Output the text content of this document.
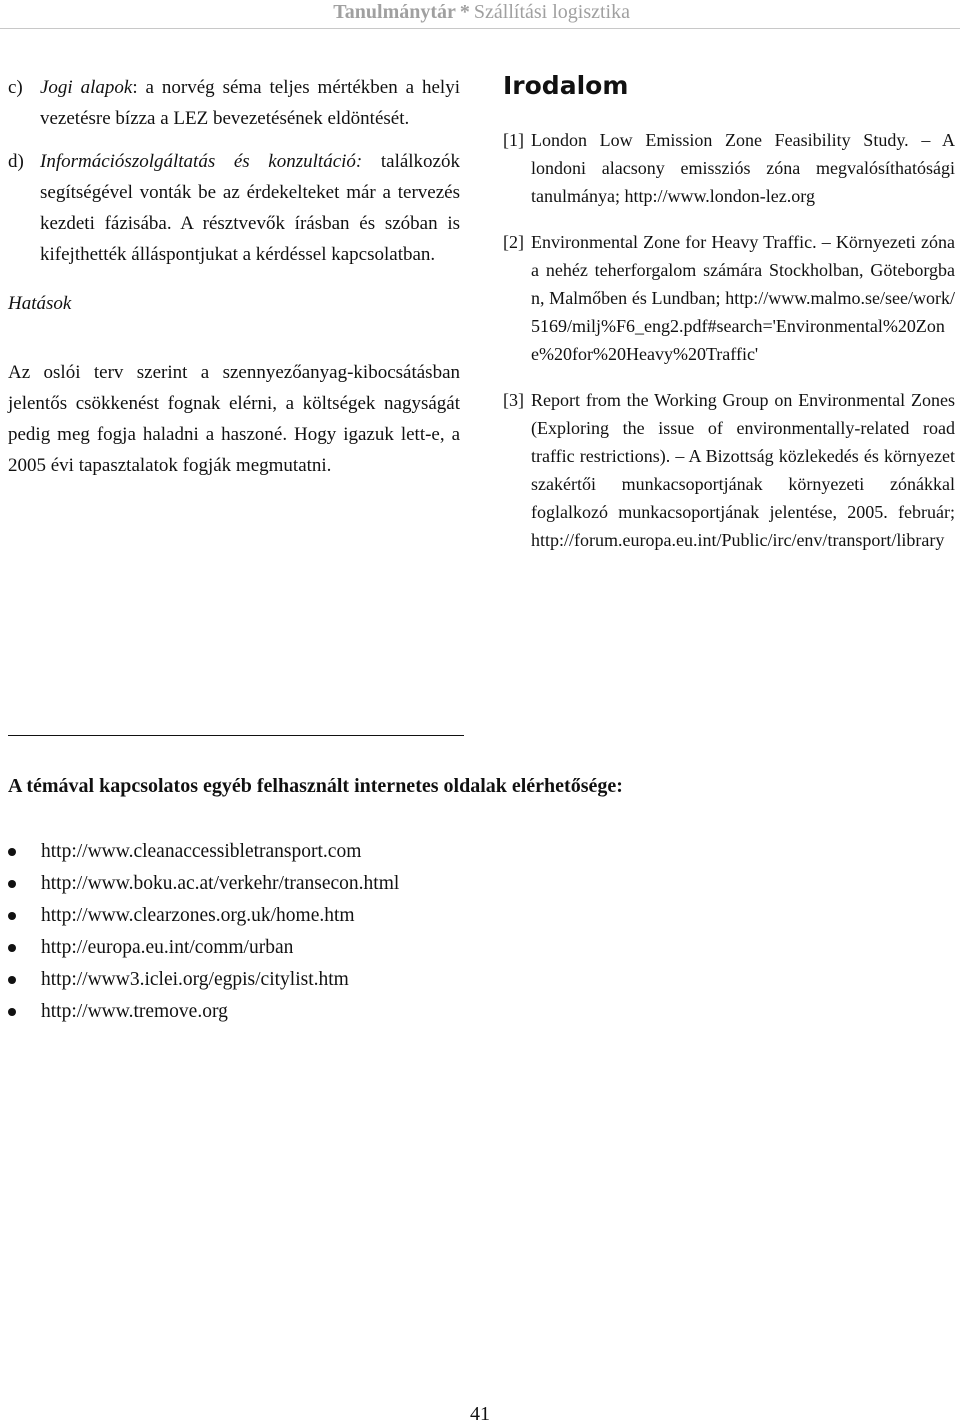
Tanulmánytár * Szállítási logisztika
c) Jogi alapok: a norvég séma teljes mértékben a helyi vezetésre bízza a LEZ bevezetésének eldöntését.
d) Információszolgáltatás és konzultáció: találkozók segítségével vonták be az érdekelteket már a tervezés kezdeti fázisába. A résztvevők írásban és szóban is kifejthették álláspontjukat a kérdéssel kapcsolatban.
Hatások
Az oslói terv szerint a szennyezőanyag-kibocsátásban jelentős csökkenést fognak elérni, a költségek nagyságát pedig meg fogja haladni a haszoné. Hogy igazuk lett-e, a 2005 évi tapasztalatok fogják megmutatni.
Irodalom
[1] London Low Emission Zone Feasibility Study. – A londoni alacsony emissziós zóna megvalósíthatósági tanulmánya; http://www.london-lez.org
[2] Environmental Zone for Heavy Traffic. – Környezeti zóna a nehéz teherforgalom számára Stockholban, Göteborgban, Malmőben és Lundban; http://www.malmo.se/see/work/5169/milj%F6_eng2.pdf#search='Environmental%20Zone%20for%20Heavy%20Traffic'
[3] Report from the Working Group on Environmental Zones (Exploring the issue of environmentally-related road traffic restrictions). – A Bizottság közlekedés és környezet szakértői munkacsoportjának környezeti zónákkal foglalkozó munkacsoportjának jelentése, 2005. február; http://forum.europa.eu.int/Public/irc/env/transport/library
A témával kapcsolatos egyéb felhasznált internetes oldalak elérhetősége:
http://www.cleanaccessibletransport.com
http://www.boku.ac.at/verkehr/transecon.html
http://www.clearzones.org.uk/home.htm
http://europa.eu.int/comm/urban
http://www3.iclei.org/egpis/citylist.htm
http://www.tremove.org
41
